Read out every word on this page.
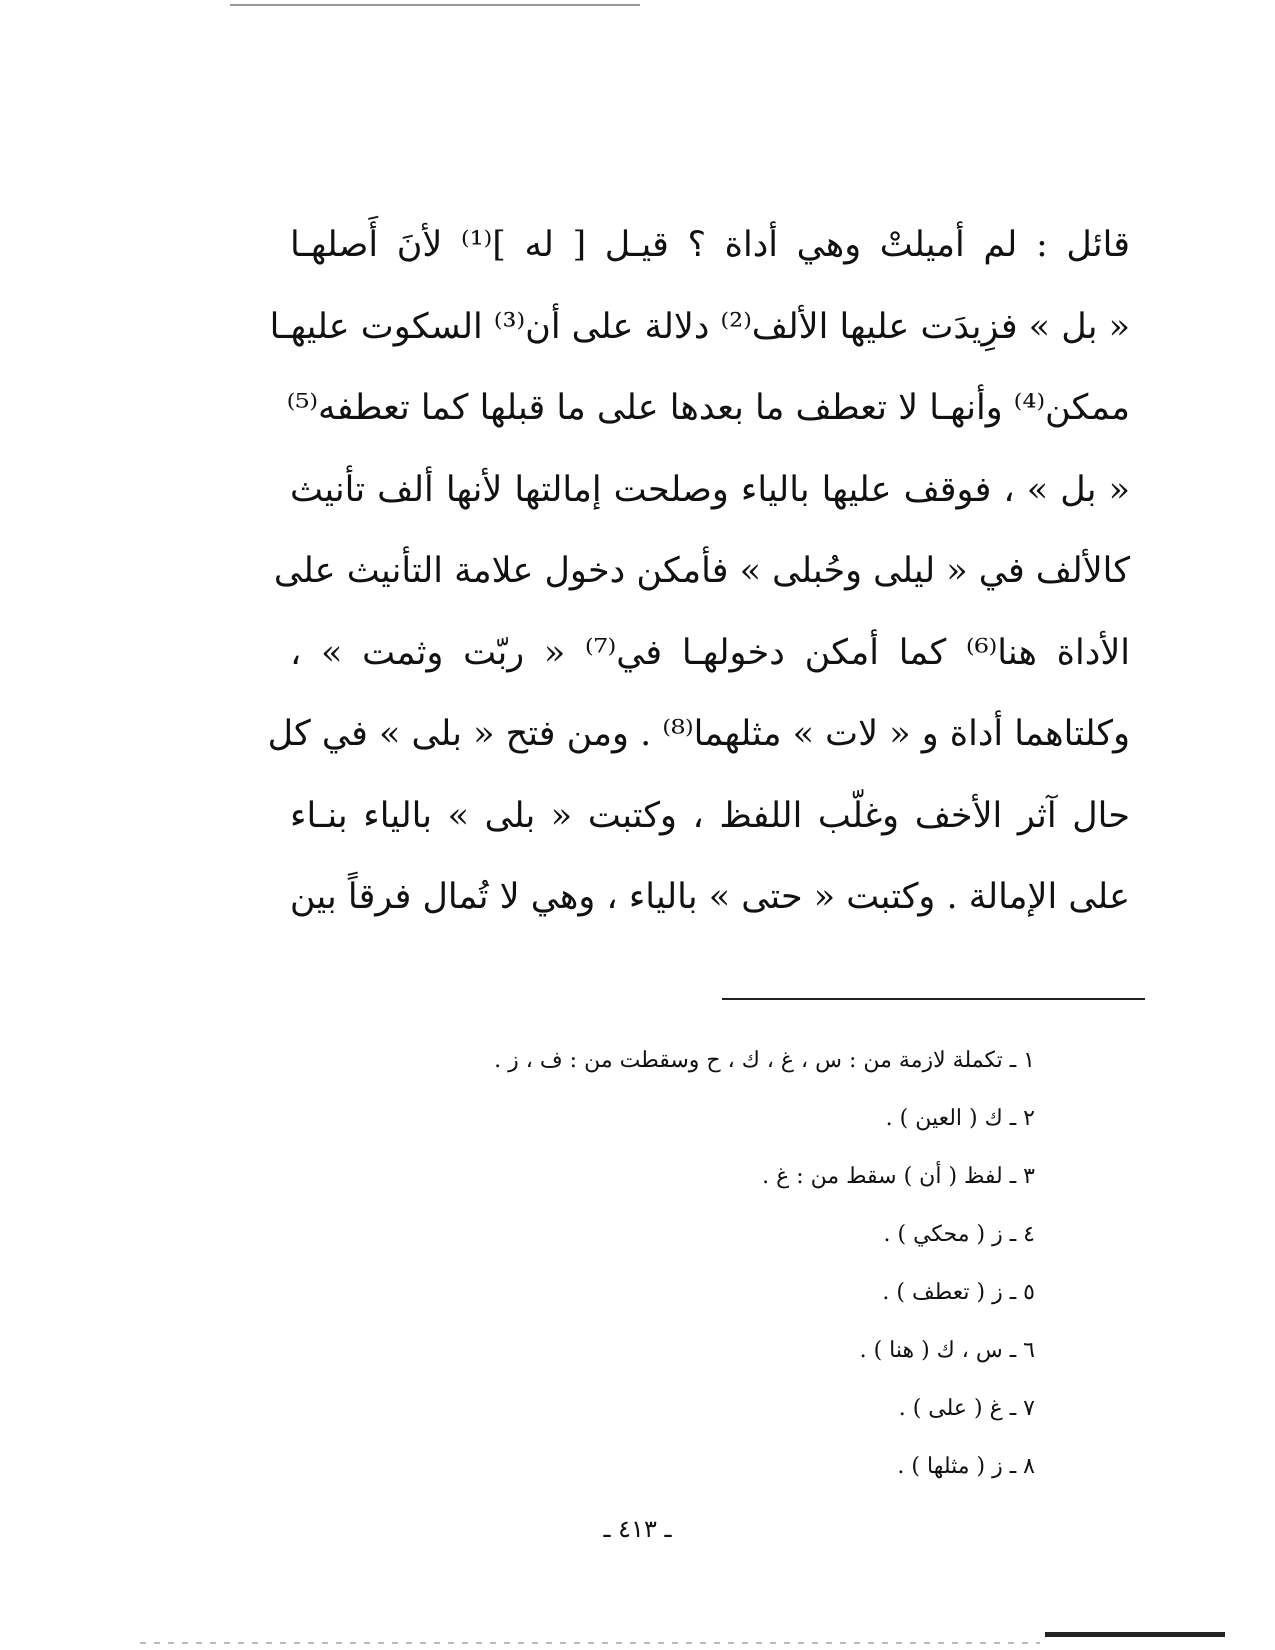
قائل : لم أميلتْ وهي أداة ؟ قيـل [ له ]⁽¹⁾ لأنَ أَصلهـا
« بل » فزِيدَت عليها الألف⁽²⁾ دلالة على أن⁽³⁾ السكوت عليهـا
ممكن⁽⁴⁾ وأنهـا لا تعطف ما بعدها على ما قبلها كما تعطفه⁽⁵⁾
« بل » ، فوقف عليها بالياء وصلحت إمالتها لأنها ألف تأنيث
كالألف في « ليلى وحُبلى » فأمكن دخول علامة التأنيث على
الأداة هنا⁽⁶⁾ كما أمكن دخولهـا في⁽⁷⁾ « ربّت وثمت » ،
وكلتاهما أداة و « لات » مثلهما⁽⁸⁾ . ومن فتح « بلى » في كل
حال آثر الأخف وغلّب اللفظ ، وكتبت « بلى » بالياء بنـاء
على الإمالة . وكتبت « حتى » بالياء ، وهي لا تُمال فرقاً بين

١ ـ تكملة لازمة من : س ، غ ، ك ، ح وسقطت من : ف ، ز .
٢ ـ ك ( العين ) .
٣ ـ لفظ ( أن ) سقط من : غ .
٤ ـ ز ( محكي ) .
٥ ـ ز ( تعطف ) .
٦ ـ س ، ك ( هنا ) .
٧ ـ غ ( على ) .
٨ ـ ز ( مثلها ) .
ـ ٤١٣ ـ
